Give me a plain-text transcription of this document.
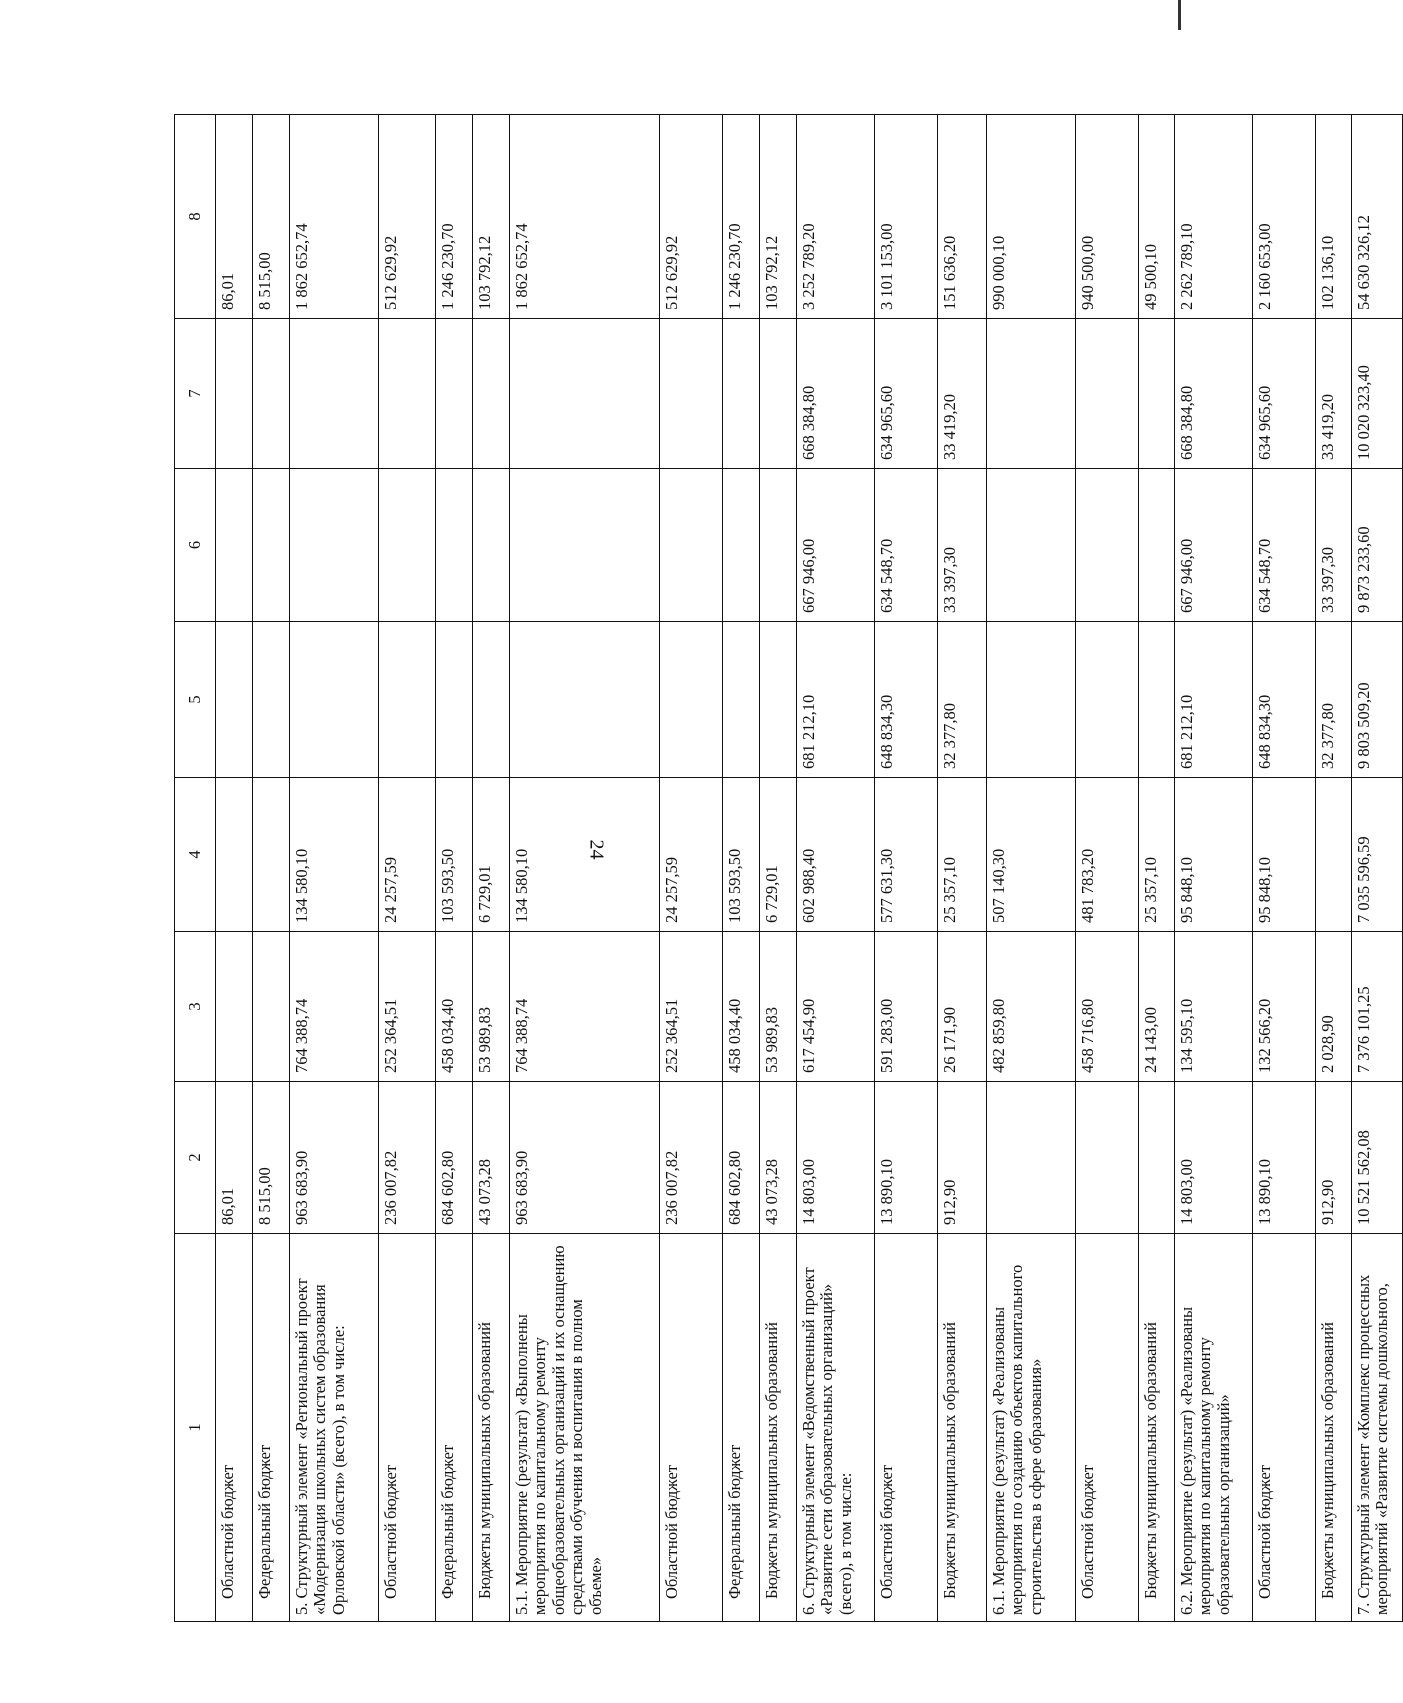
24
1	2	3	4	5	6	7	8
Областной бюджет	86,01						86,01
Федеральный бюджет	8 515,00						8 515,00
5. Структурный элемент «Региональный проект «Модернизация школьных систем образования Орловской области» (всего), в том числе:	963 683,90	764 388,74	134 580,10				1 862 652,74
Областной бюджет	236 007,82	252 364,51	24 257,59				512 629,92
Федеральный бюджет	684 602,80	458 034,40	103 593,50				1 246 230,70
Бюджеты муниципальных образований	43 073,28	53 989,83	6 729,01				103 792,12
5.1. Мероприятие (результат) «Выполнены мероприятия по капитальному ремонту общеобразовательных организаций и их оснащению средствами обучения и воспитания в полном объеме»	963 683,90	764 388,74	134 580,10				1 862 652,74
Областной бюджет	236 007,82	252 364,51	24 257,59				512 629,92
Федеральный бюджет	684 602,80	458 034,40	103 593,50				1 246 230,70
Бюджеты муниципальных образований	43 073,28	53 989,83	6 729,01				103 792,12
6. Структурный элемент «Ведомственный проект «Развитие сети образовательных организаций» (всего), в том числе:	14 803,00	617 454,90	602 988,40	681 212,10	667 946,00	668 384,80	3 252 789,20
Областной бюджет	13 890,10	591 283,00	577 631,30	648 834,30	634 548,70	634 965,60	3 101 153,00
Бюджеты муниципальных образований	912,90	26 171,90	25 357,10	32 377,80	33 397,30	33 419,20	151 636,20
6.1. Мероприятие (результат) «Реализованы мероприятия по созданию объектов капитального строительства в сфере образования»		482 859,80	507 140,30				990 000,10
Областной бюджет		458 716,80	481 783,20				940 500,00
Бюджеты муниципальных образований		24 143,00	25 357,10				49 500,10
6.2. Мероприятие (результат) «Реализованы мероприятия по капитальному ремонту образовательных организаций»	14 803,00	134 595,10	95 848,10	681 212,10	667 946,00	668 384,80	2 262 789,10
Областной бюджет	13 890,10	132 566,20	95 848,10	648 834,30	634 548,70	634 965,60	2 160 653,00
Бюджеты муниципальных образований	912,90	2 028,90		32 377,80	33 397,30	33 419,20	102 136,10
7. Структурный элемент «Комплекс процессных мероприятий «Развитие системы дошкольного,	10 521 562,08	7 376 101,25	7 035 596,59	9 803 509,20	9 873 233,60	10 020 323,40	54 630 326,12
